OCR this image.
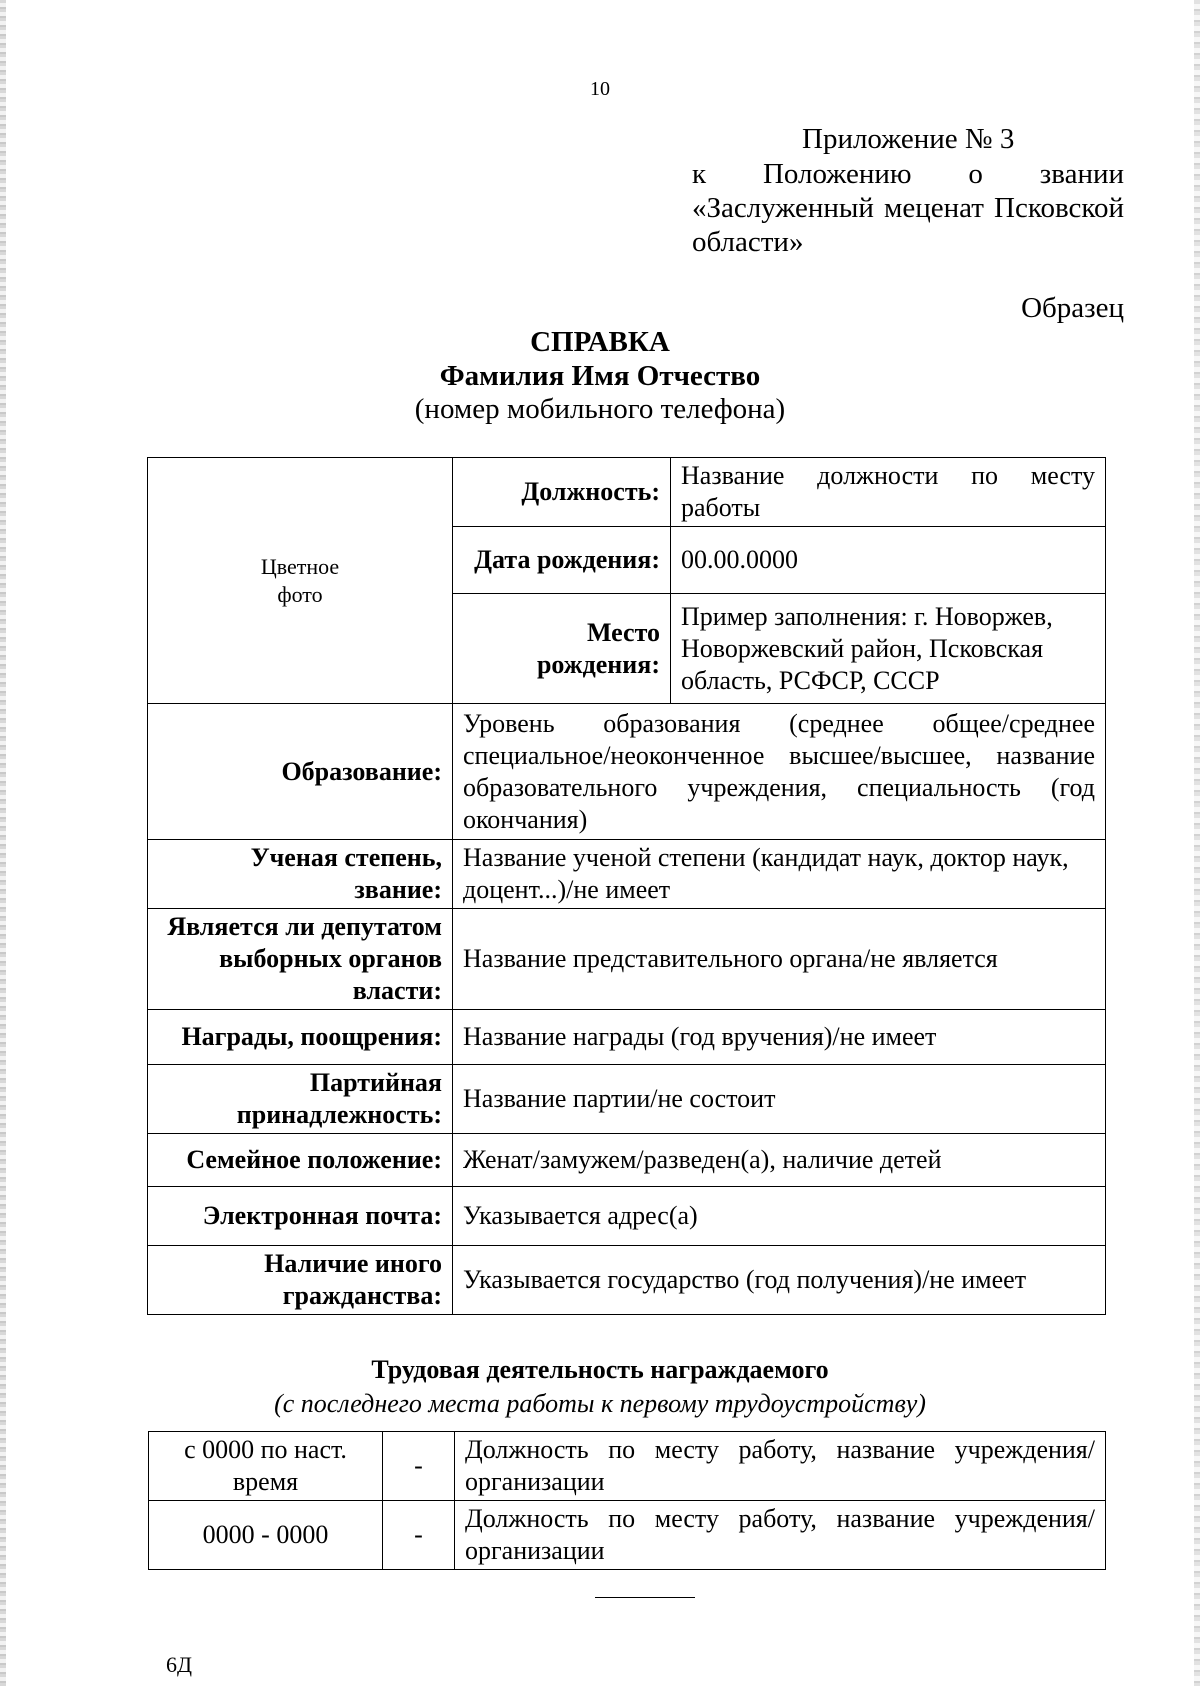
10
Приложение № 3
к Положению о звании
«Заслуженный меценат Псковской
области»
Образец
СПРАВКА
Фамилия Имя Отчество
(номер мобильного телефона)
Цветное
фото	Должность:	Название должности по месту работы
	Дата рождения:	00.00.0000
	Место рождения:	Пример заполнения: г. Новоржев, Новоржевский район, Псковская область, РСФСР, СССР
Образование:	Уровень образования (среднее общее/среднее специальное/неоконченное высшее/высшее, название образовательного учреждения, специальность (год окончания)	
Ученая степень, звание:	Название ученой степени (кандидат наук, доктор наук, доцент...)/не имеет	
Является ли депутатом выборных органов власти:	Название представительного органа/не является	
Награды, поощрения:	Название награды (год вручения)/не имеет	
Партийная принадлежность:	Название партии/не состоит	
Семейное положение:	Женат/замужем/разведен(а), наличие детей	
Электронная почта:	Указывается адрес(а)	
Наличие иного гражданства:	Указывается государство (год получения)/не имеет	
Трудовая деятельность награждаемого
(с последнего места работы к первому трудоустройству)
с 0000 по наст. время	-	Должность по месту работу, название учреждения/организации
0000 - 0000	-	Должность по месту работу, название учреждения/организации
6Д
